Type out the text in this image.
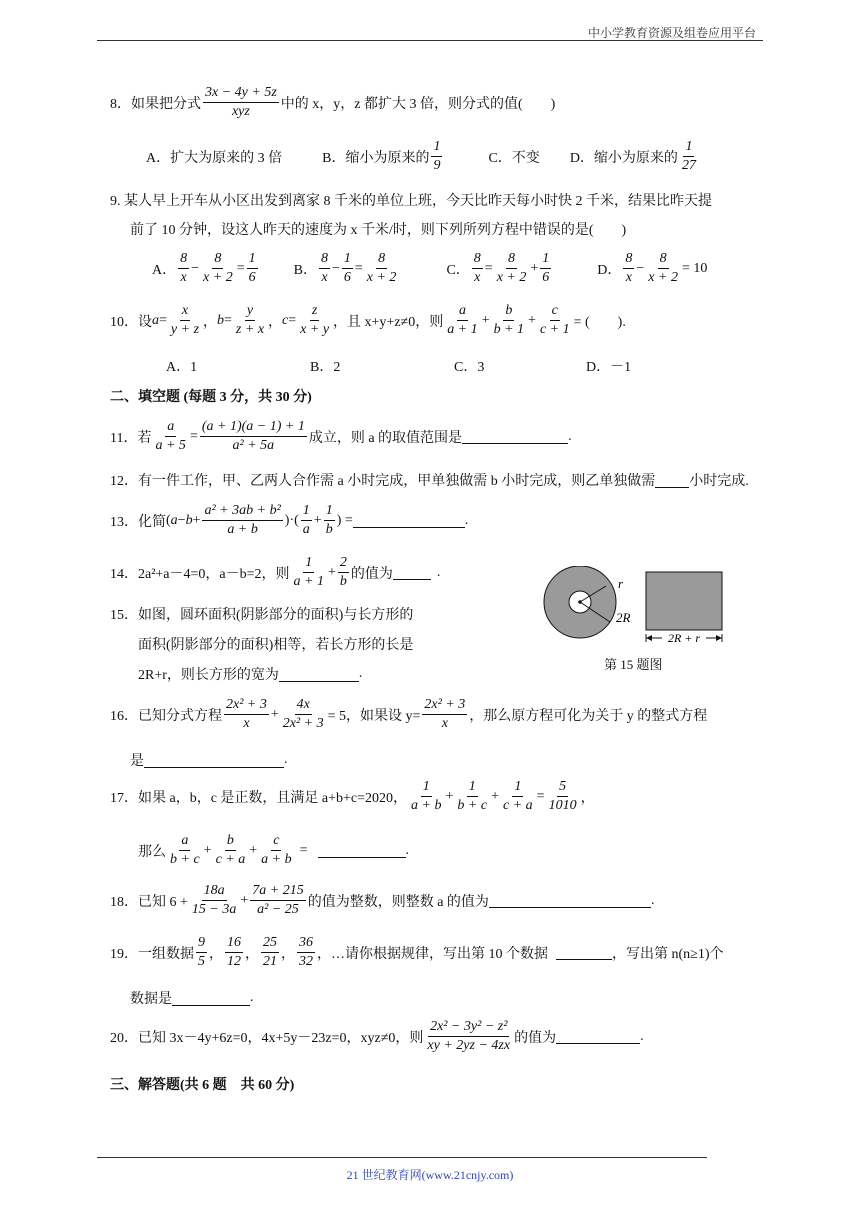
中小学教育资源及组卷应用平台
8．如果把分式 $\frac{3x - 4y + 5z}{\text{xyz}}$ 中的 x，y，z 都扩大 3 倍，则分式的值(　　)
A．扩大为原来的 3 倍	B．缩小为原来的 $\frac{1}{9}$	C．不变 D．缩小为原来的 $\frac{1}{27}$
9. 某人早上开车从小区出发到离家 8 千米的单位上班，今天比昨天每小时快 2 千米，结果比昨天提
前了 10 分钟，设这人昨天的速度为 x 千米/时，则下列所列方程中错误的是(　　)
A． $\frac{8}{x} - \frac{8}{x + 2} = \frac{1}{6}$	B． $\frac{8}{x} - \frac{1}{6} = \frac{8}{x + 2}$	C． $\frac{8}{x} = \frac{8}{x + 2} + \frac{1}{6}$	D． $\frac{8}{x} - \frac{8}{x + 2} = 10$
10．设 $a = \frac{x}{y + z}$ ， $b = \frac{y}{z + x}$ ， $c = \frac{z}{x + y}$ ，且 x+y+z≠0，则 $\frac{a}{a + 1} + \frac{b}{b + 1} + \frac{c}{c + 1}$ = (　　).
A．1	B．2	C．3	D．－1
二、填空题 (每题 3 分，共 30 分)
11．若 $\frac{a}{a + 5} = \frac{(a + 1)(a - 1) + 1}{\text{a² + 5a}}$ 成立，则 a 的取值范围是	.
12．有一件工作，甲、乙两人合作需 a 小时完成，甲单独做需 b 小时完成，则乙单独做需 小时完成.
13．化简 ( $a - b + \frac{\text{a² + 3ab + b²}}{a + b}$ )·( $\frac{1}{a} + \frac{1}{b}$ ) =	.
14．2a²+a－4=0，a－b=2，则 $\frac{1}{a + 1} + \frac{2}{b}$ 的值为	.
15．如图，圆环面积(阴影部分的面积)与长方形的
面积(阴影部分的面积)相等，若长方形的长是
2R+r，则长方形的宽为	.
r
2R
2R + r
第 15 题图
16．已知分式方程 $\frac{\text{2x² + 3}}{x} + \frac{4x}{\text{2x² + 3}} = 5$，如果设 $y= \frac{\text{2x² + 3}}{x}$ ，那么原方程可化为关于 y 的整式方程
是	.
17．如果 a，b，c 是正数，且满足 a+b+c=2020， $\frac{1}{a + b} + \frac{1}{b + c} + \frac{1}{c + a} = \frac{5}{1010}$ ，
那么 $\frac{a}{b + c} + \frac{b}{c + a} + \frac{c}{a + b}$ =	.
18．已知 $6 + \frac{18a}{15 - 3a} + \frac{7a + 215}{\text{a² − 25}}$ 的值为整数，则整数 a 的值为	.
19．一组数据 $\frac{9}{5}$ ， $\frac{16}{12}$ ， $\frac{25}{21}$ ， $\frac{36}{32}$ ，…请你根据规律，写出第 10 个数据	，写出第 n(n≥1)个
数据是	.
20．已知 3x－4y+6z=0，4x+5y－23z=0，xyz≠0，则 $\frac{\text{2x² − 3y² − z²}}{xy + 2yz - 4zx}$ 的值为	.
三、解答题(共 6 题　共 60 分)
21 世纪教育网(www.21cnjy.com)
